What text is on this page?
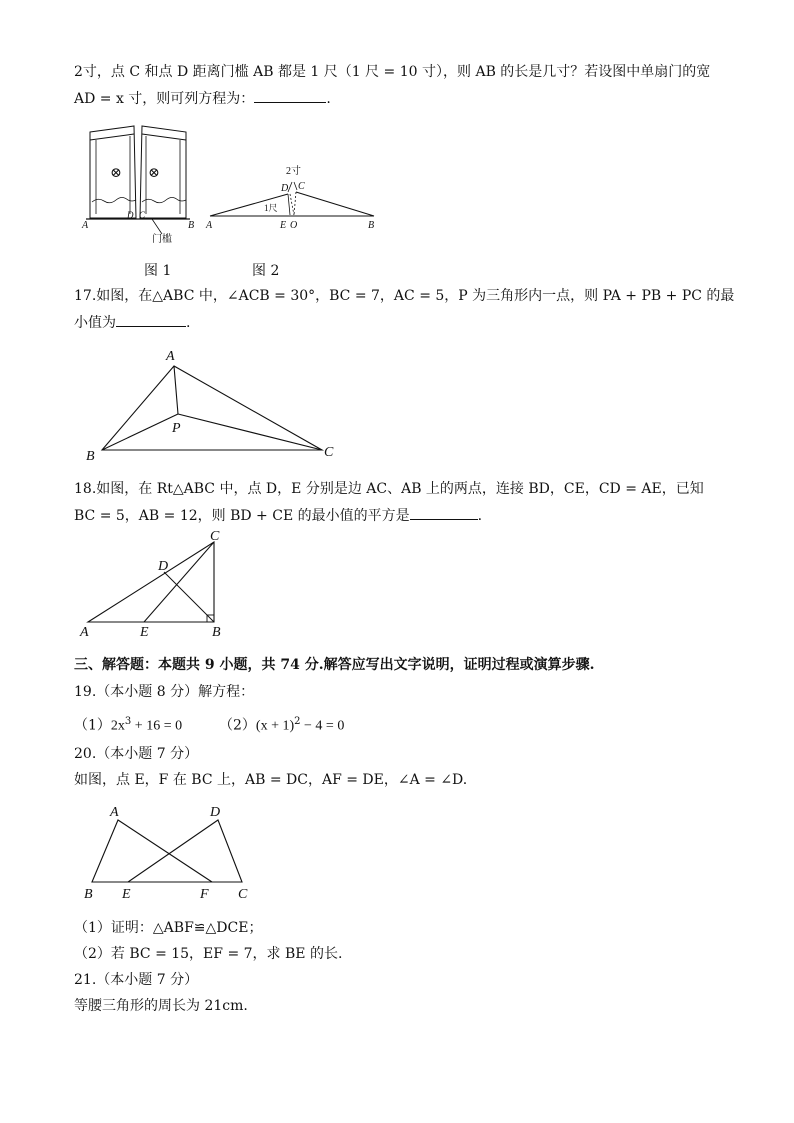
2寸，点 C 和点 D 距离门槛 AB 都是 1 尺（1 尺 = 10 寸），则 AB 的长是几寸？若设图中单扇门的宽
AD = x 寸，则可列方程为：	.
⊗ ⊗
A	B
D C
门槛
2寸
D C
1尺
A	E O	B
图 1	图 2
17.如图，在△ABC 中，∠ACB = 30°，BC = 7，AC = 5，P 为三角形内一点，则 PA + PB + PC 的最
小值为	.
A
B	C
P
18.如图，在 Rt△ABC 中，点 D，E 分别是边 AC、AB 上的两点，连接 BD，CE，CD = AE，已知
BC = 5，AB = 12，则 BD + CE 的最小值的平方是	.
C
D
A	E	B
三、解答题：本题共 9 小题，共 74 分.解答应写出文字说明，证明过程或演算步骤.
19.（本小题 8 分）解方程：
$(1)2x^3 + 16 = 0$	$(2)(x + 1)^2 - 4 = 0$
20.（本小题 7 分）
如图，点 E，F 在 BC 上，AB = DC，AF = DE，∠A = ∠D.
A	D
B E	F C
（1）证明：△ABF≌△DCE；
（2）若 BC = 15，EF = 7，求 BE 的长.
21.（本小题 7 分）
等腰三角形的周长为 21cm.
